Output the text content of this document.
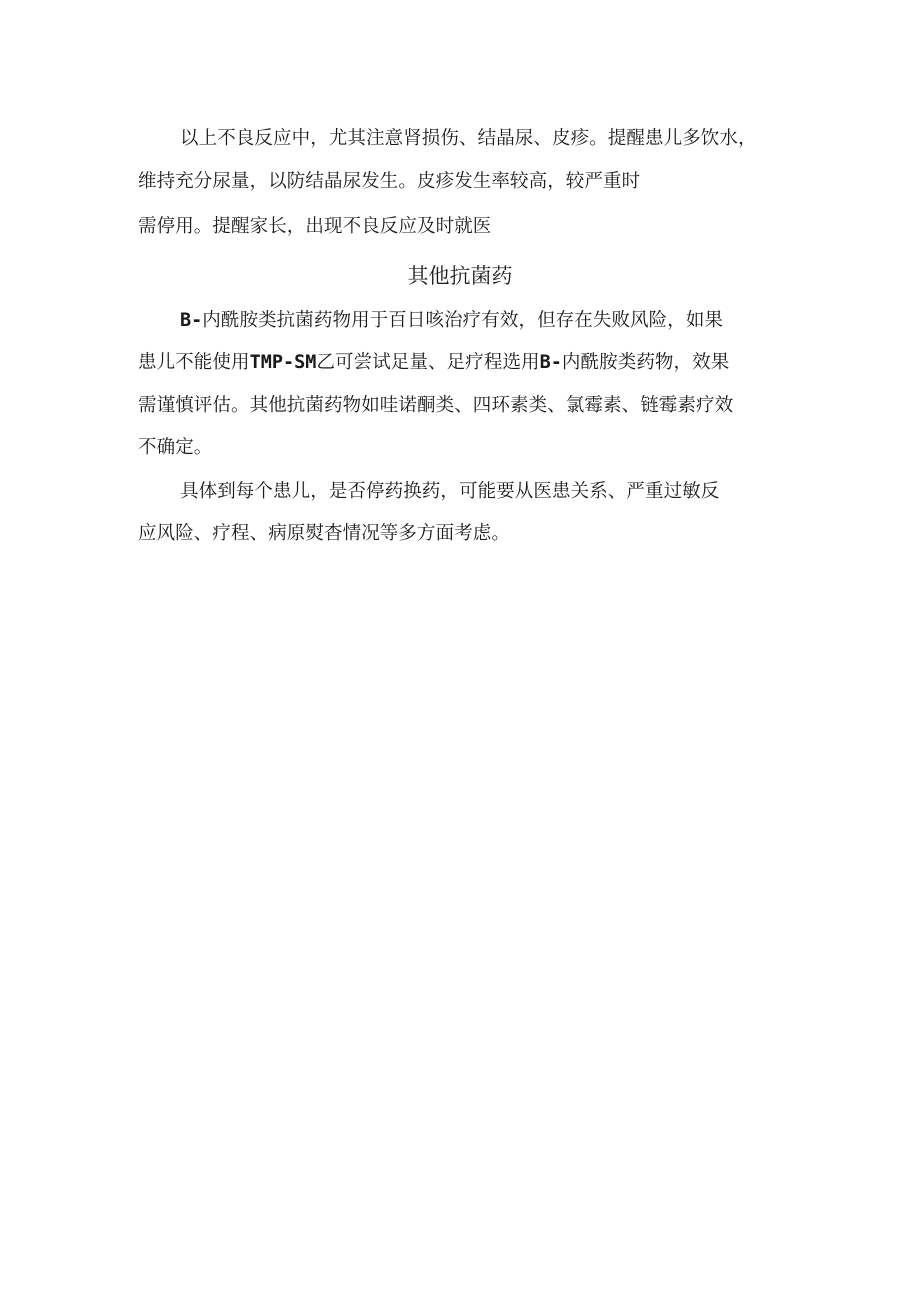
以上不良反应中，尤其注意肾损伤、结晶尿、皮疹。提醒患儿多饮水，
维持充分尿量，以防结晶尿发生。皮疹发生率较高，较严重时
需停用。提醒家长，出现不良反应及时就医
其他抗菌药
B-内酰胺类抗菌药物用于百日咳治疗有效，但存在失败风险，如果
患儿不能使用TMP-SM乙可尝试足量、足疗程选用B-内酰胺类药物，效果
需谨慎评估。其他抗菌药物如哇诺酮类、四环素类、氯霉素、链霉素疗效
不确定。
具体到每个患儿，是否停药换药，可能要从医患关系、严重过敏反
应风险、疗程、病原熨杳情况等多方面考虑。
